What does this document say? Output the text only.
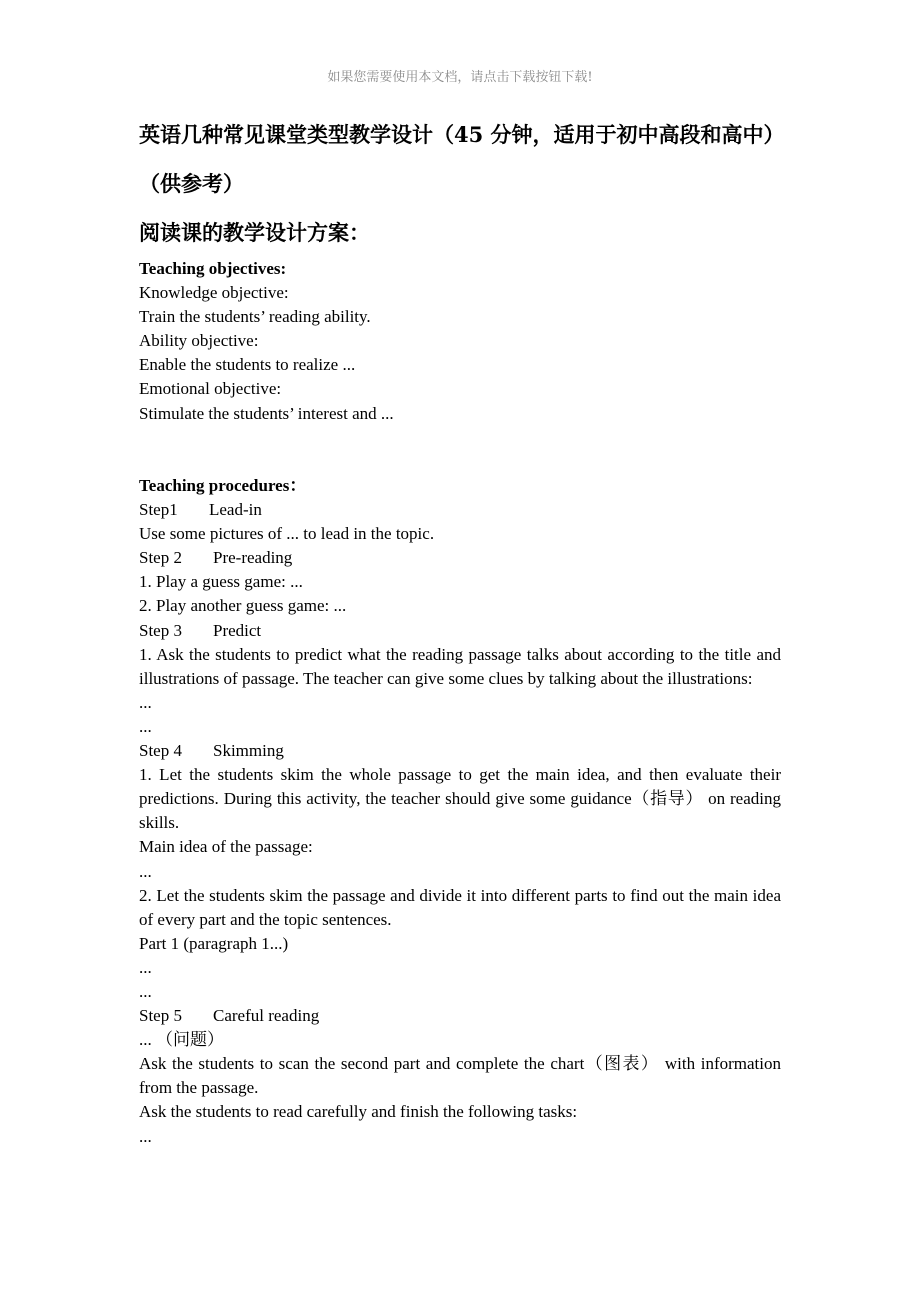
如果您需要使用本文档，请点击下载按钮下载!
英语几种常见课堂类型教学设计（45 分钟，适用于初中高段和高中）
（供参考）
阅读课的教学设计方案：
Teaching objectives:
Knowledge objective:
Train the students’ reading ability.
Ability objective:
Enable the students to realize ...
Emotional objective:
Stimulate the students’ interest and ...
Teaching procedures：
Step1 Lead-in
Use some pictures of ... to lead in the topic.
Step 2 Pre-reading
1. Play a guess game: ...
2. Play another guess game: ...
Step 3 Predict
1. Ask the students to predict what the reading passage talks about according to the title and illustrations of passage. The teacher can give some clues by talking about the illustrations:
...
...
Step 4 Skimming
1. Let the students skim the whole passage to get the main idea, and then evaluate their predictions. During this activity, the teacher should give some guidance（指导） on reading skills.
Main idea of the passage:
...
2. Let the students skim the passage and divide it into different parts to find out the main idea of every part and the topic sentences.
Part 1 (paragraph 1...)
...
...
Step 5 Careful reading
... （问题）
Ask the students to scan the second part and complete the chart（图表） with information from the passage.
Ask the students to read carefully and finish the following tasks:
...
